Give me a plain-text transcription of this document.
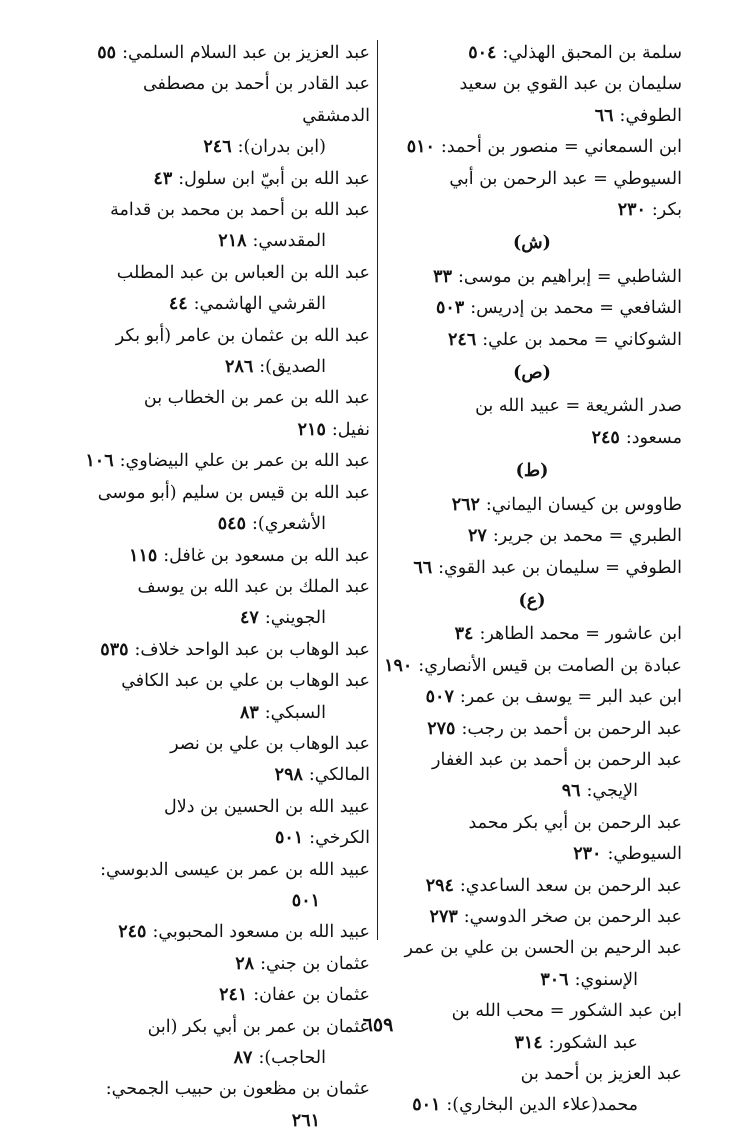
سلمة بن المحبق الهذلي:٥٠٤
سليمان بن عبد القوي بن سعيد الطوفي:٦٦
ابن السمعاني = منصور بن أحمد:٥١٠
السيوطي = عبد الرحمن بن أبي بكر:٢٣٠
(ش)
الشاطبي = إبراهيم بن موسى:٣٣
الشافعي = محمد بن إدريس:٥٠٣
الشوكاني = محمد بن علي:٢٤٦
(ص)
صدر الشريعة = عبيد الله بن مسعود:٢٤٥
(ط)
طاووس بن كيسان اليماني:٢٦٢
الطبري = محمد بن جرير:٢٧
الطوفي = سليمان بن عبد القوي:٦٦
(ع)
ابن عاشور = محمد الطاهر:٣٤
عبادة بن الصامت بن قيس الأنصاري:١٩٠
ابن عبد البر = يوسف بن عمر:٥٠٧
عبد الرحمن بن أحمد بن رجب:٢٧٥
عبد الرحمن بن أحمد بن عبد الغفار
الإيجي:٩٦
عبد الرحمن بن أبي بكر محمد السيوطي:٢٣٠
عبد الرحمن بن سعد الساعدي:٢٩٤
عبد الرحمن بن صخر الدوسي:٢٧٣
عبد الرحيم بن الحسن بن علي بن عمر
الإسنوي:٣٠٦
ابن عبد الشكور = محب الله بن
عبد الشكور:٣١٤
عبد العزيز بن أحمد بن
محمد(علاء الدين البخاري):٥٠١
عبد العزيز بن عبد السلام السلمي:٥٥
عبد القادر بن أحمد بن مصطفى الدمشقي
(ابن بدران):٢٤٦
عبد الله بن أبيّ ابن سلول:٤٣
عبد الله بن أحمد بن محمد بن قدامة
المقدسي:٢١٨
عبد الله بن العباس بن عبد المطلب
القرشي الهاشمي:٤٤
عبد الله بن عثمان بن عامر (أبو بكر
الصديق):٢٨٦
عبد الله بن عمر بن الخطاب بن نفيل:٢١٥
عبد الله بن عمر بن علي البيضاوي:١٠٦
عبد الله بن قيس بن سليم (أبو موسى
الأشعري):٥٤٥
عبد الله بن مسعود بن غافل:١١٥
عبد الملك بن عبد الله بن يوسف
الجويني:٤٧
عبد الوهاب بن عبد الواحد خلاف:٥٣٥
عبد الوهاب بن علي بن عبد الكافي
السبكي:٨٣
عبد الوهاب بن علي بن نصر المالكي:٢٩٨
عبيد الله بن الحسين بن دلال الكرخي:٥٠١
عبيد الله بن عمر بن عيسى الدبوسي:
٥٠١
عبيد الله بن مسعود المحبوبي:٢٤٥
عثمان بن جني:٢٨
عثمان بن عفان:٢٤١
عثمان بن عمر بن أبي بكر (ابن
الحاجب):٨٧
عثمان بن مظعون بن حبيب الجمحي:
٢٦١
٦٥٩
